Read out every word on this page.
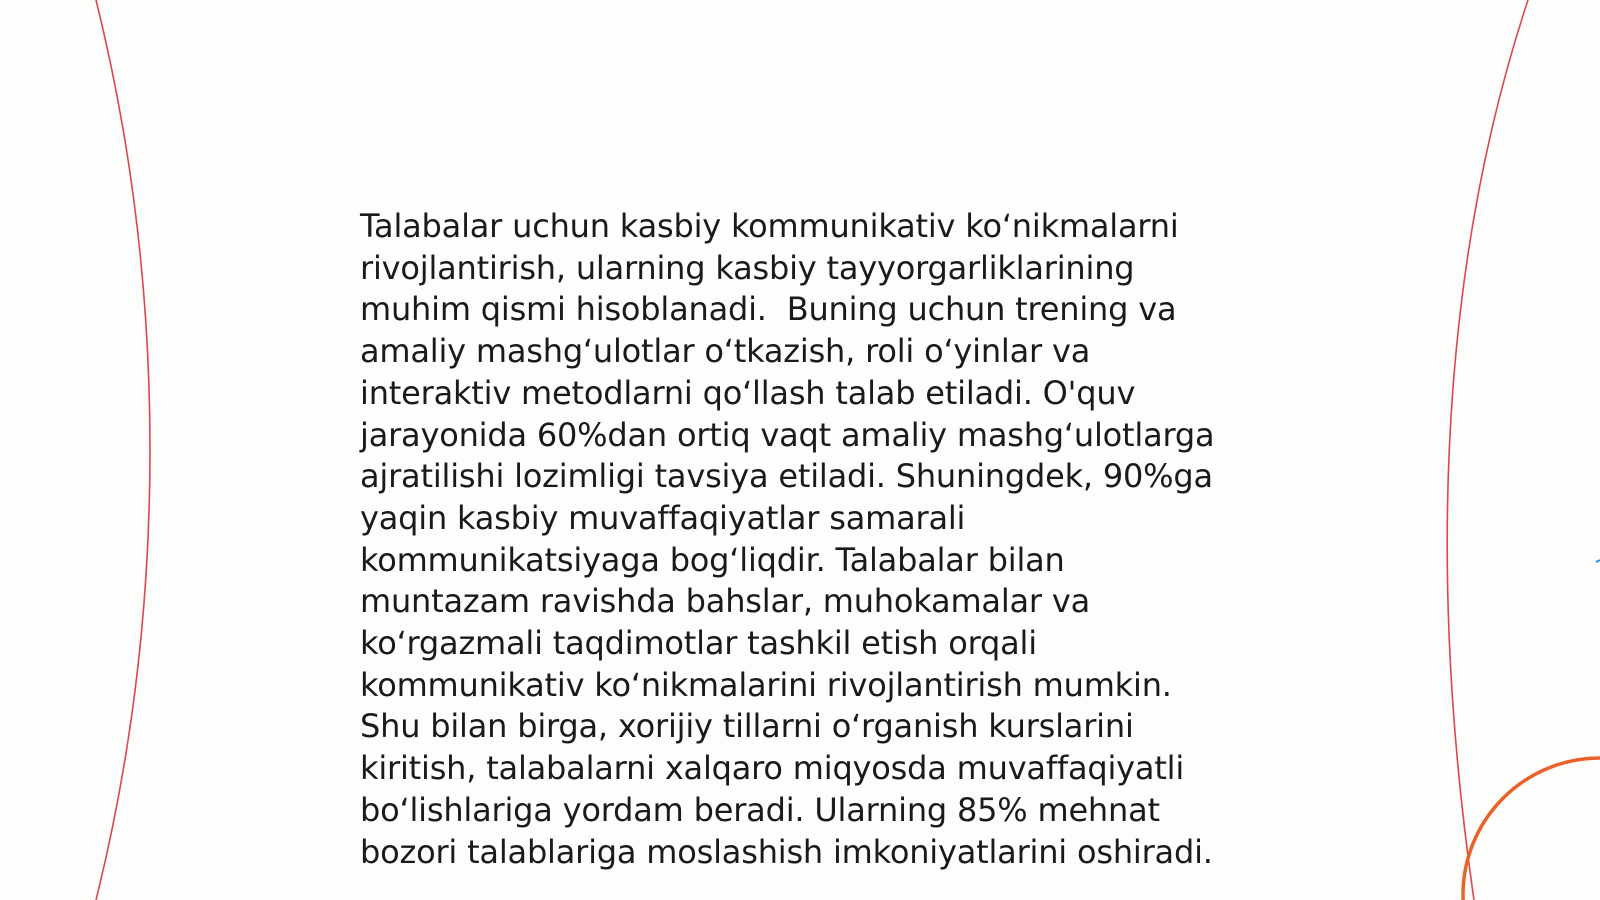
Talabalar uchun kasbiy kommunikativ koʻnikmalarni
rivojlantirish, ularning kasbiy tayyorgarliklarining
muhim qismi hisoblanadi.  Buning uchun trening va
amaliy mashgʻulotlar oʻtkazish, roli oʻyinlar va
interaktiv metodlarni qoʻllash talab etiladi. O'quv
jarayonida 60%dan ortiq vaqt amaliy mashgʻulotlarga
ajratilishi lozimligi tavsiya etiladi. Shuningdek, 90%ga
yaqin kasbiy muvaffaqiyatlar samarali
kommunikatsiyaga bogʻliqdir. Talabalar bilan
muntazam ravishda bahslar, muhokamalar va
koʻrgazmali taqdimotlar tashkil etish orqali
kommunikativ koʻnikmalarini rivojlantirish mumkin.
Shu bilan birga, xorijiy tillarni oʻrganish kurslarini
kiritish, talabalarni xalqaro miqyosda muvaffaqiyatli
boʻlishlariga yordam beradi. Ularning 85% mehnat
bozori talablariga moslashish imkoniyatlarini oshiradi.
